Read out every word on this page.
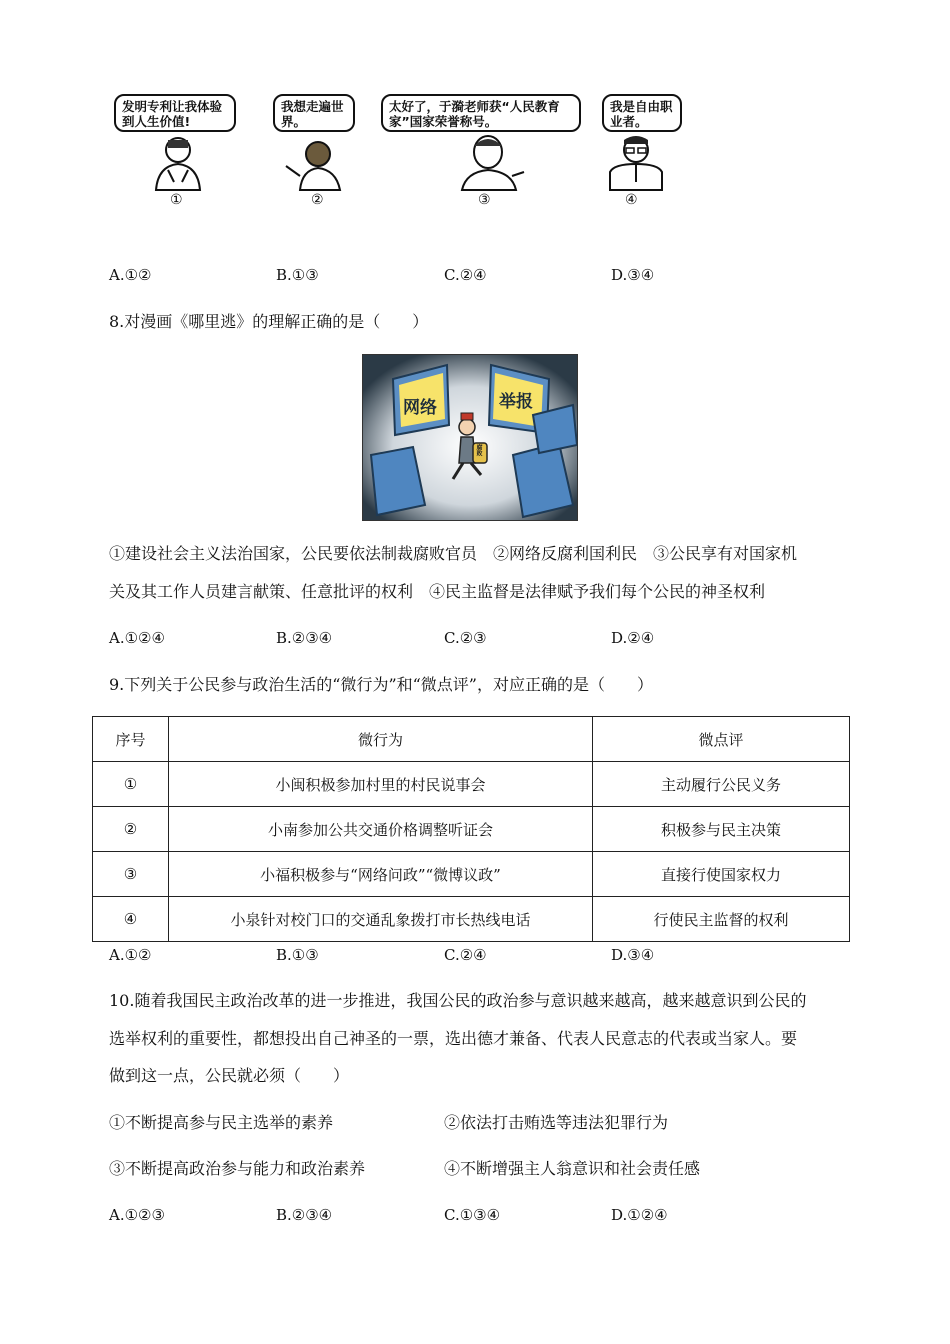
发明专利让我体验到人生价值!
我想走遍世界。
太好了，于漪老师获“人民教育家”国家荣誉称号。
我是自由职业者。
①	②	③	④
A.①②	B.①③	C.②④	D.③④
8.对漫画《哪里逃》的理解正确的是（　　）
网络	举报
腐败
①建设社会主义法治国家，公民要依法制裁腐败官员　②网络反腐利国利民　③公民享有对国家机
关及其工作人员建言献策、任意批评的权利　④民主监督是法律赋予我们每个公民的神圣权利
A.①②④	B.②③④	C.②③	D.②④
9.下列关于公民参与政治生活的“微行为”和“微点评”，对应正确的是（　　）
序号	微行为	微点评
①	小闽积极参加村里的村民说事会	主动履行公民义务
②	小南参加公共交通价格调整听证会	积极参与民主决策
③	小福积极参与“网络问政”“微博议政”	直接行使国家权力
④	小泉针对校门口的交通乱象拨打市长热线电话	行使民主监督的权利
A.①②	B.①③	C.②④	D.③④
10.随着我国民主政治改革的进一步推进，我国公民的政治参与意识越来越高，越来越意识到公民的
选举权利的重要性，都想投出自己神圣的一票，选出德才兼备、代表人民意志的代表或当家人。要
做到这一点，公民就必须（　　）
①不断提高参与民主选举的素养	②依法打击贿选等违法犯罪行为
③不断提高政治参与能力和政治素养	④不断增强主人翁意识和社会责任感
A.①②③	B.②③④	C.①③④	D.①②④
